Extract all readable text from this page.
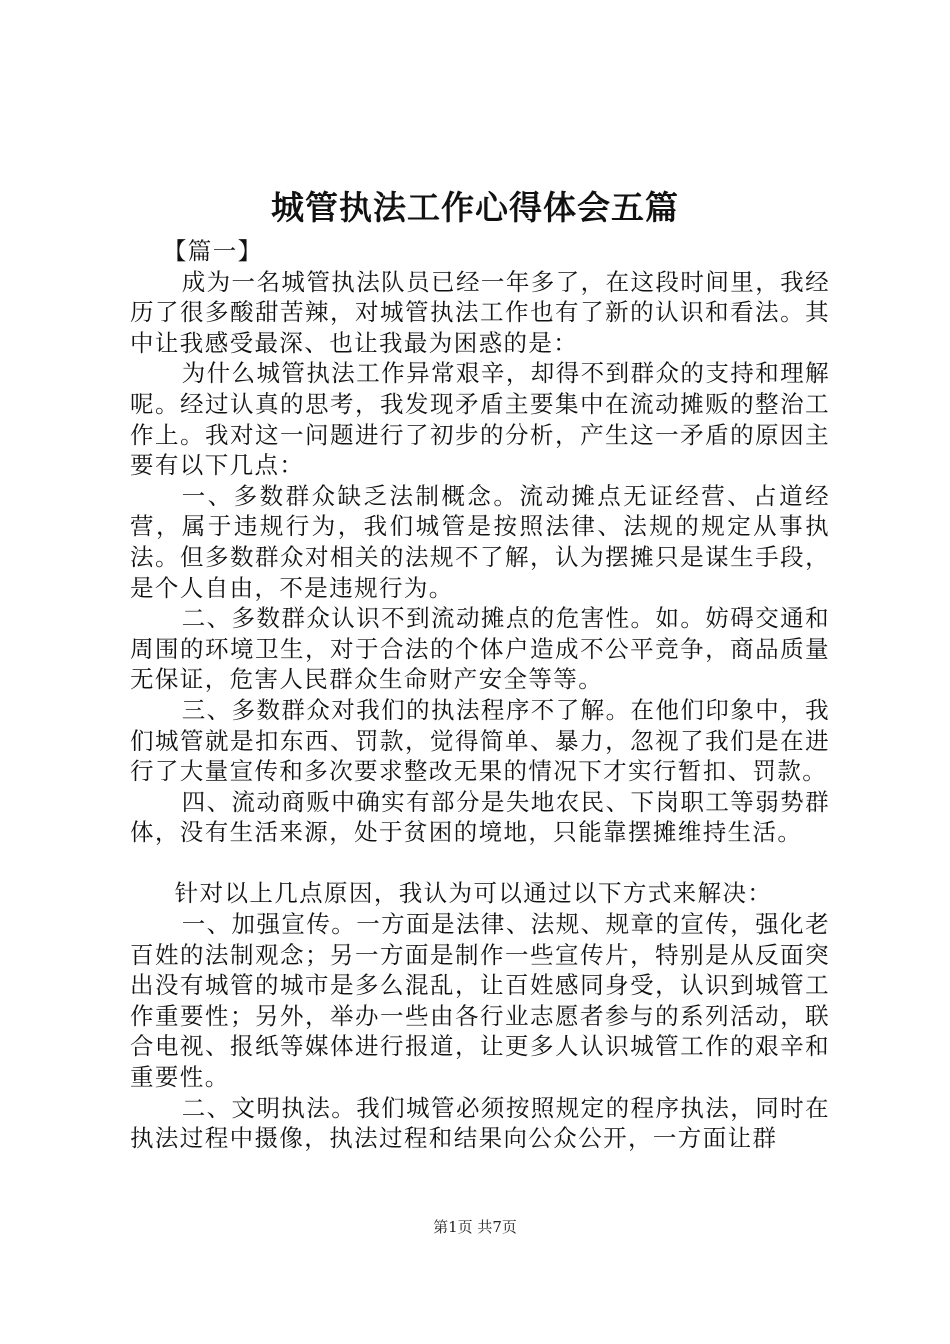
城管执法工作心得体会五篇

【篇一】

成为一名城管执法队员已经一年多了，在这段时间里，我经历了很多酸甜苦辣，对城管执法工作也有了新的认识和看法。其中让我感受最深、也让我最为困惑的是：

为什么城管执法工作异常艰辛，却得不到群众的支持和理解呢。经过认真的思考，我发现矛盾主要集中在流动摊贩的整治工作上。我对这一问题进行了初步的分析，产生这一矛盾的原因主要有以下几点：

一、多数群众缺乏法制概念。流动摊点无证经营、占道经营，属于违规行为，我们城管是按照法律、法规的规定从事执法。但多数群众对相关的法规不了解，认为摆摊只是谋生手段，是个人自由，不是违规行为。

二、多数群众认识不到流动摊点的危害性。如。妨碍交通和周围的环境卫生，对于合法的个体户造成不公平竞争，商品质量无保证，危害人民群众生命财产安全等等。

三、多数群众对我们的执法程序不了解。在他们印象中，我们城管就是扣东西、罚款，觉得简单、暴力，忽视了我们是在进行了大量宣传和多次要求整改无果的情况下才实行暂扣、罚款。

四、流动商贩中确实有部分是失地农民、下岗职工等弱势群体，没有生活来源，处于贫困的境地，只能靠摆摊维持生活。

针对以上几点原因，我认为可以通过以下方式来解决：

一、加强宣传。一方面是法律、法规、规章的宣传，强化老百姓的法制观念；另一方面是制作一些宣传片，特别是从反面突出没有城管的城市是多么混乱，让百姓感同身受，认识到城管工作重要性；另外，举办一些由各行业志愿者参与的系列活动，联合电视、报纸等媒体进行报道，让更多人认识城管工作的艰辛和重要性。

二、文明执法。我们城管必须按照规定的程序执法，同时在执法过程中摄像，执法过程和结果向公众公开，一方面让群

第1页 共7页
